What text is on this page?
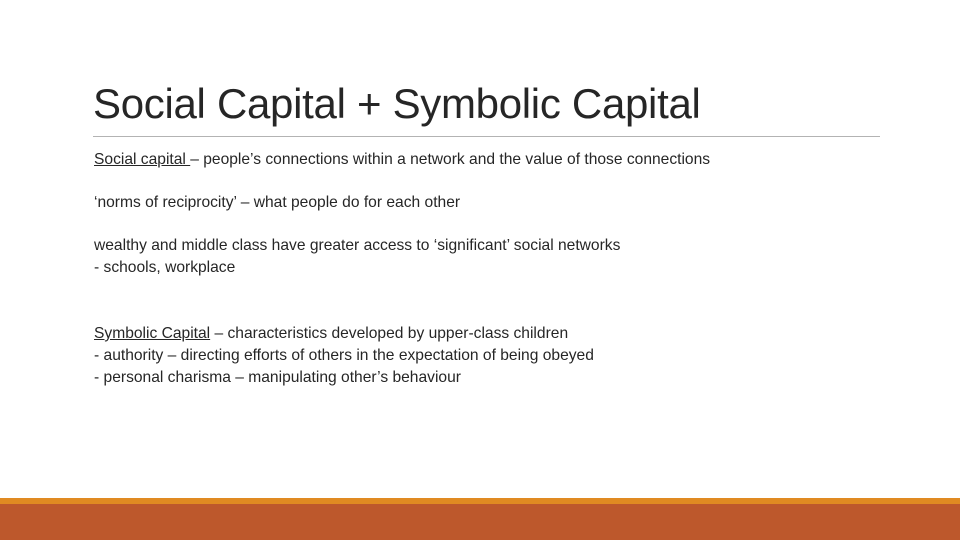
Social Capital + Symbolic Capital

Social capital – people’s connections within a network and the value of those connections

‘norms of reciprocity’ – what people do for each other

wealthy and middle class have greater access to ‘significant’ social networks
- schools, workplace

Symbolic Capital – characteristics developed by upper-class children
- authority – directing efforts of others in the expectation of being obeyed
- personal charisma – manipulating other’s behaviour
